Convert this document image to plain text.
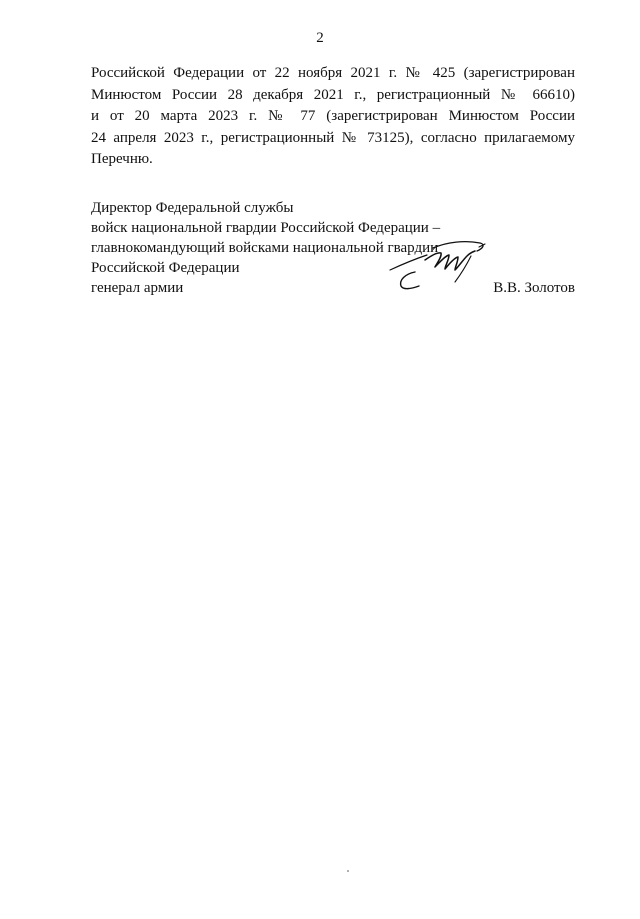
2
Российской Федерации от 22 ноября 2021 г. № 425 (зарегистрирован
Минюстом России 28 декабря 2021 г., регистрационный № 66610)
и от 20 марта 2023 г. № 77 (зарегистрирован Минюстом России
24 апреля 2023 г., регистрационный № 73125), согласно прилагаемому
Перечню.
Директор Федеральной службы
войск национальной гвардии Российской Федерации –
главнокомандующий войсками национальной гвардии
Российской Федерации
генерал армии	В.В. Золотов
